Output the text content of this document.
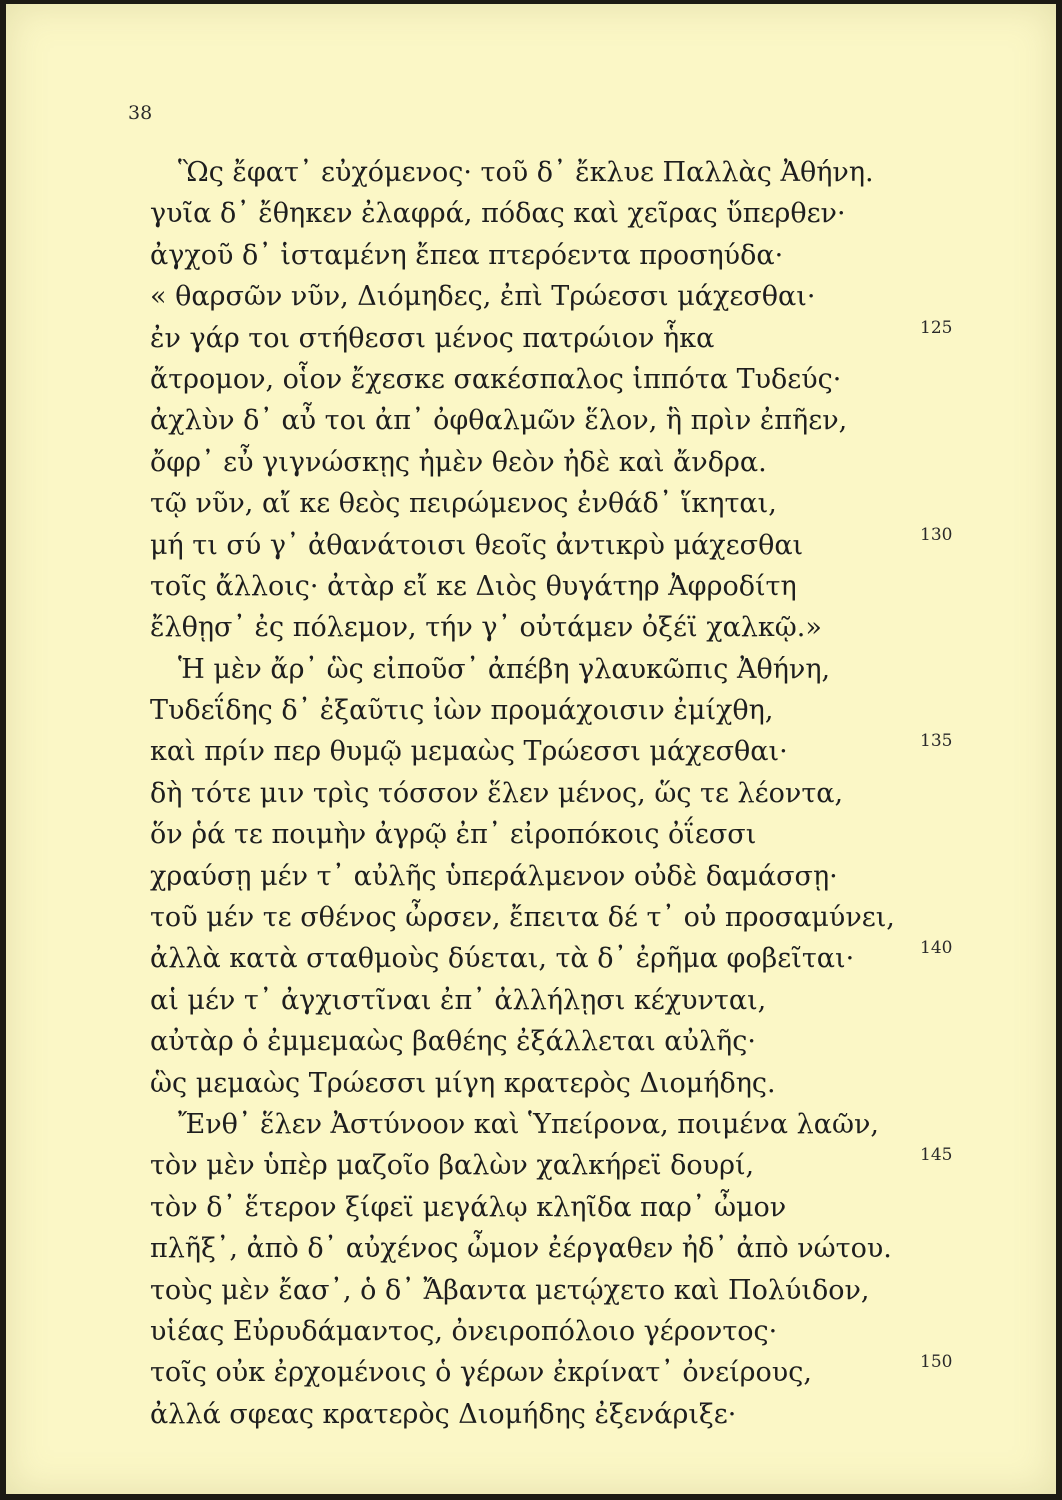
38
Ὣς ἔφατ᾽ εὐχόμενος· τοῦ δ᾽ ἔκλυε Παλλὰς Ἀθήνη.
γυῖα δ᾽ ἔθηκεν ἐλαφρά, πόδας καὶ χεῖρας ὕπερθεν·
ἀγχοῦ δ᾽ ἱσταμένη ἔπεα πτερόεντα προσηύδα·
« θαρσῶν νῦν, Διόμηδες, ἐπὶ Τρώεσσι μάχεσθαι·
ἐν γάρ τοι στήθεσσι μένος πατρώιον ἧκα	125
ἄτρομον, οἷον ἔχεσκε σακέσπαλος ἱππότα Τυδεύς·
ἀχλὺν δ᾽ αὖ τοι ἀπ᾽ ὀφθαλμῶν ἕλον, ἣ πρὶν ἐπῆεν,
ὄφρ᾽ εὖ γιγνώσκῃς ἠμὲν θεὸν ἠδὲ καὶ ἄνδρα.
τῷ νῦν, αἴ κε θεὸς πειρώμενος ἐνθάδ᾽ ἵκηται,
μή τι σύ γ᾽ ἀθανάτοισι θεοῖς ἀντικρὺ μάχεσθαι	130
τοῖς ἄλλοις· ἀτὰρ εἴ κε Διὸς θυγάτηρ Ἀφροδίτη
ἔλθῃσ᾽ ἐς πόλεμον, τήν γ᾽ οὐτάμεν ὀξέϊ χαλκῷ.»
Ἡ μὲν ἄρ᾽ ὣς εἰποῦσ᾽ ἀπέβη γλαυκῶπις Ἀθήνη,
Τυδεΐδης δ᾽ ἐξαῦτις ἰὼν προμάχοισιν ἐμίχθη,
καὶ πρίν περ θυμῷ μεμαὼς Τρώεσσι μάχεσθαι·	135
δὴ τότε μιν τρὶς τόσσον ἕλεν μένος, ὥς τε λέοντα,
ὅν ῥά τε ποιμὴν ἀγρῷ ἐπ᾽ εἰροπόκοις ὀΐεσσι
χραύσῃ μέν τ᾽ αὐλῆς ὑπεράλμενον οὐδὲ δαμάσσῃ·
τοῦ μέν τε σθένος ὦρσεν, ἔπειτα δέ τ᾽ οὐ προσαμύνει,
ἀλλὰ κατὰ σταθμοὺς δύεται, τὰ δ᾽ ἐρῆμα φοβεῖται·	140
αἱ μέν τ᾽ ἀγχιστῖναι ἐπ᾽ ἀλλήλῃσι κέχυνται,
αὐτὰρ ὁ ἐμμεμαὼς βαθέης ἐξάλλεται αὐλῆς·
ὣς μεμαὼς Τρώεσσι μίγη κρατερὸς Διομήδης.
Ἔνθ᾽ ἕλεν Ἀστύνοον καὶ Ὑπείρονα, ποιμένα λαῶν,
τὸν μὲν ὑπὲρ μαζοῖο βαλὼν χαλκήρεϊ δουρί,	145
τὸν δ᾽ ἕτερον ξίφεϊ μεγάλῳ κληῖδα παρ᾽ ὦμον
πλῆξ᾽, ἀπὸ δ᾽ αὐχένος ὦμον ἐέργαθεν ἠδ᾽ ἀπὸ νώτου.
τοὺς μὲν ἔασ᾽, ὁ δ᾽ Ἄβαντα μετῴχετο καὶ Πολύιδον,
υἱέας Εὐρυδάμαντος, ὀνειροπόλοιο γέροντος·
τοῖς οὐκ ἐρχομένοις ὁ γέρων ἐκρίνατ᾽ ὀνείρους,	150
ἀλλά σφεας κρατερὸς Διομήδης ἐξενάριξε·
